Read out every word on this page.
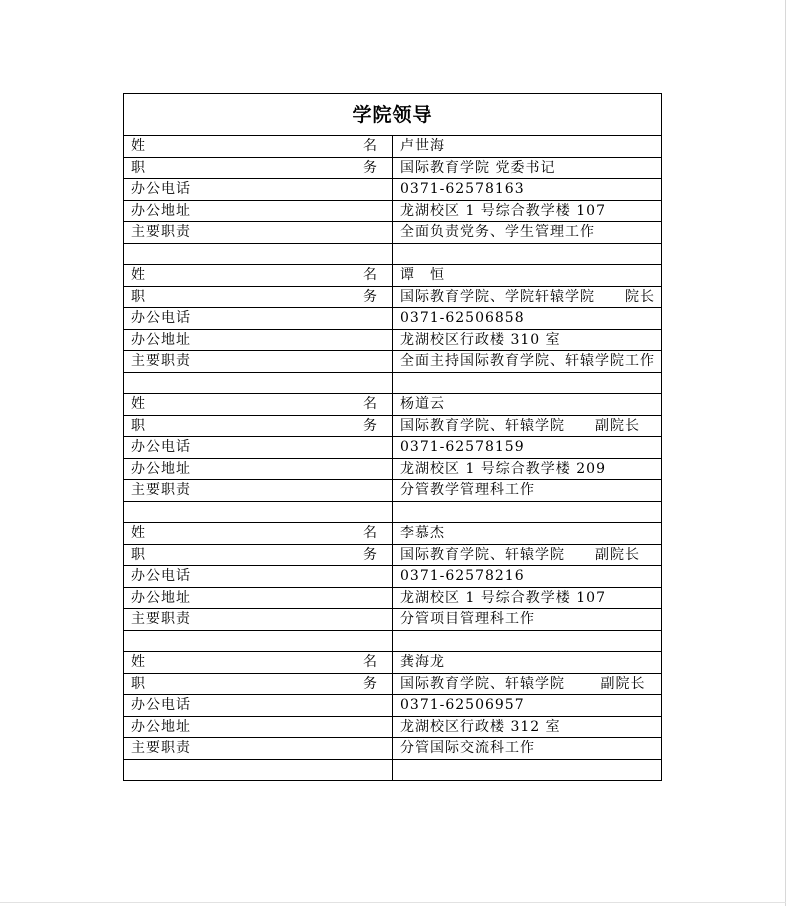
学院领导	
姓　　名	卢世海
职　　务	国际教育学院 党委书记
办公电话	0371-62578163
办公地址	龙湖校区 1 号综合教学楼 107
主要职责	全面负责党务、学生管理工作

姓　　名	谭　恒
职　　务	国际教育学院、学院轩辕学院　　院长
办公电话	0371-62506858
办公地址	龙湖校区行政楼 310 室
主要职责	全面主持国际教育学院、轩辕学院工作

姓　　名	杨道云
职　　务	国际教育学院、轩辕学院　　副院长
办公电话	0371-62578159
办公地址	龙湖校区 1 号综合教学楼 209
主要职责	分管教学管理科工作

姓　　名	李慕杰
职　　务	国际教育学院、轩辕学院　　副院长
办公电话	0371-62578216
办公地址	龙湖校区 1 号综合教学楼 107
主要职责	分管项目管理科工作

姓　　名	龚海龙
职　　务	国际教育学院、轩辕学院　　 副院长
办公电话	0371-62506957
办公地址	龙湖校区行政楼 312 室
主要职责	分管国际交流科工作
